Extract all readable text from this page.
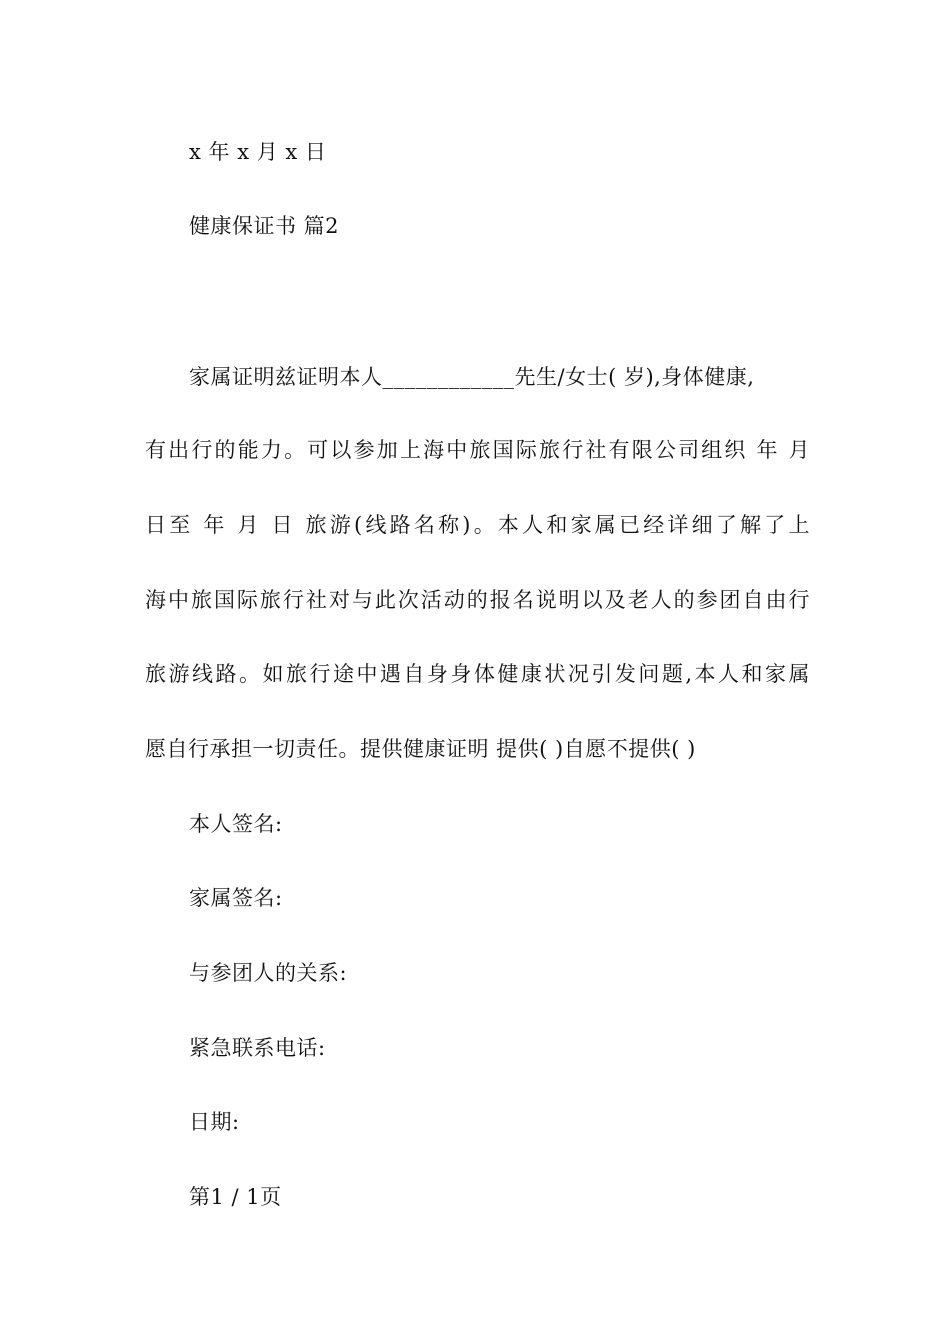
x 年 x 月 x 日
健康保证书 篇2
家属证明兹证明本人____________先生/女士( 岁),身体健康,
有出行的能力。可以参加上海中旅国际旅行社有限公司组织 年 月
日至 年 月 日 旅游(线路名称)。本人和家属已经详细了解了上
海中旅国际旅行社对与此次活动的报名说明以及老人的参团自由行
旅游线路。如旅行途中遇自身身体健康状况引发问题,本人和家属
愿自行承担一切责任。提供健康证明 提供( )自愿不提供( )
本人签名:
家属签名:
与参团人的关系:
紧急联系电话:
日期:
第1 / 1页
